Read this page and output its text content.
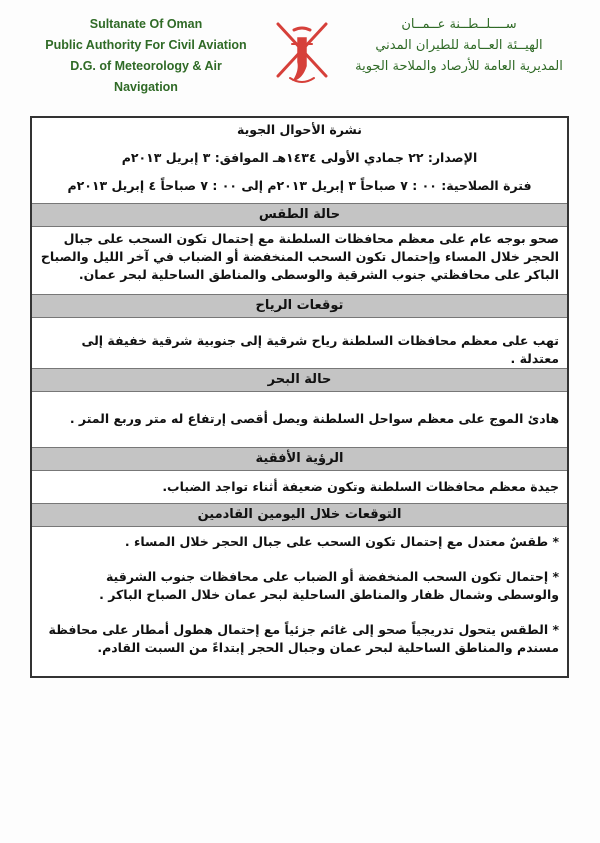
Sultanate Of Oman
Public Authority For Civil Aviation
D.G. of Meteorology & Air
Navigation
ســــلــطــنة عــمــان
الهيــئة العــامة للطيران المدني
المديرية العامة للأرصاد والملاحة الجوية
نشرة الأحوال الجوية
الإصدار: ٢٢ جمادي الأولى ١٤٣٤هـ الموافق: ٣ إبريل ٢٠١٣م
فترة الصلاحية: ٠٠ : ٧ صباحاً ٣ إبريل ٢٠١٣م إلى ٠٠ : ٧ صباحاً ٤ إبريل ٢٠١٣م
حالة الطقس
صحو بوجه عام على معظم محافظات السلطنة مع إحتمال تكون السحب على جبال الحجر خلال المساء وإحتمال تكون السحب المنخفضة أو الضباب في آخر الليل والصباح الباكر على محافظتي جنوب الشرقية والوسطى والمناطق الساحلية لبحر عمان.
توقعات الرياح
تهب على معظم محافظات السلطنة رياح شرقية إلى جنوبية شرقية خفيفة إلى معتدلة .
حالة البحر
هادئ الموج على معظم سواحل السلطنة ويصل أقصى إرتفاع له متر وربع المتر .
الرؤية الأفقية
جيدة معظم محافظات السلطنة وتكون ضعيفة أثناء تواجد الضباب.
التوقعات خلال اليومين القادمين
* طقسٌ معتدل مع إحتمال تكون السحب على جبال الحجر خلال المساء .
* إحتمال تكون السحب المنخفضة أو الضباب على محافظات جنوب الشرقية والوسطى وشمال ظفار والمناطق الساحلية لبحر عمان خلال الصباح الباكر .
* الطقس يتحول تدريجياً صحو إلى غائم جزئياً مع إحتمال هطول أمطار على محافظة مسندم والمناطق الساحلية لبحر عمان وجبال الحجر إبتداءً من السبت القادم.
